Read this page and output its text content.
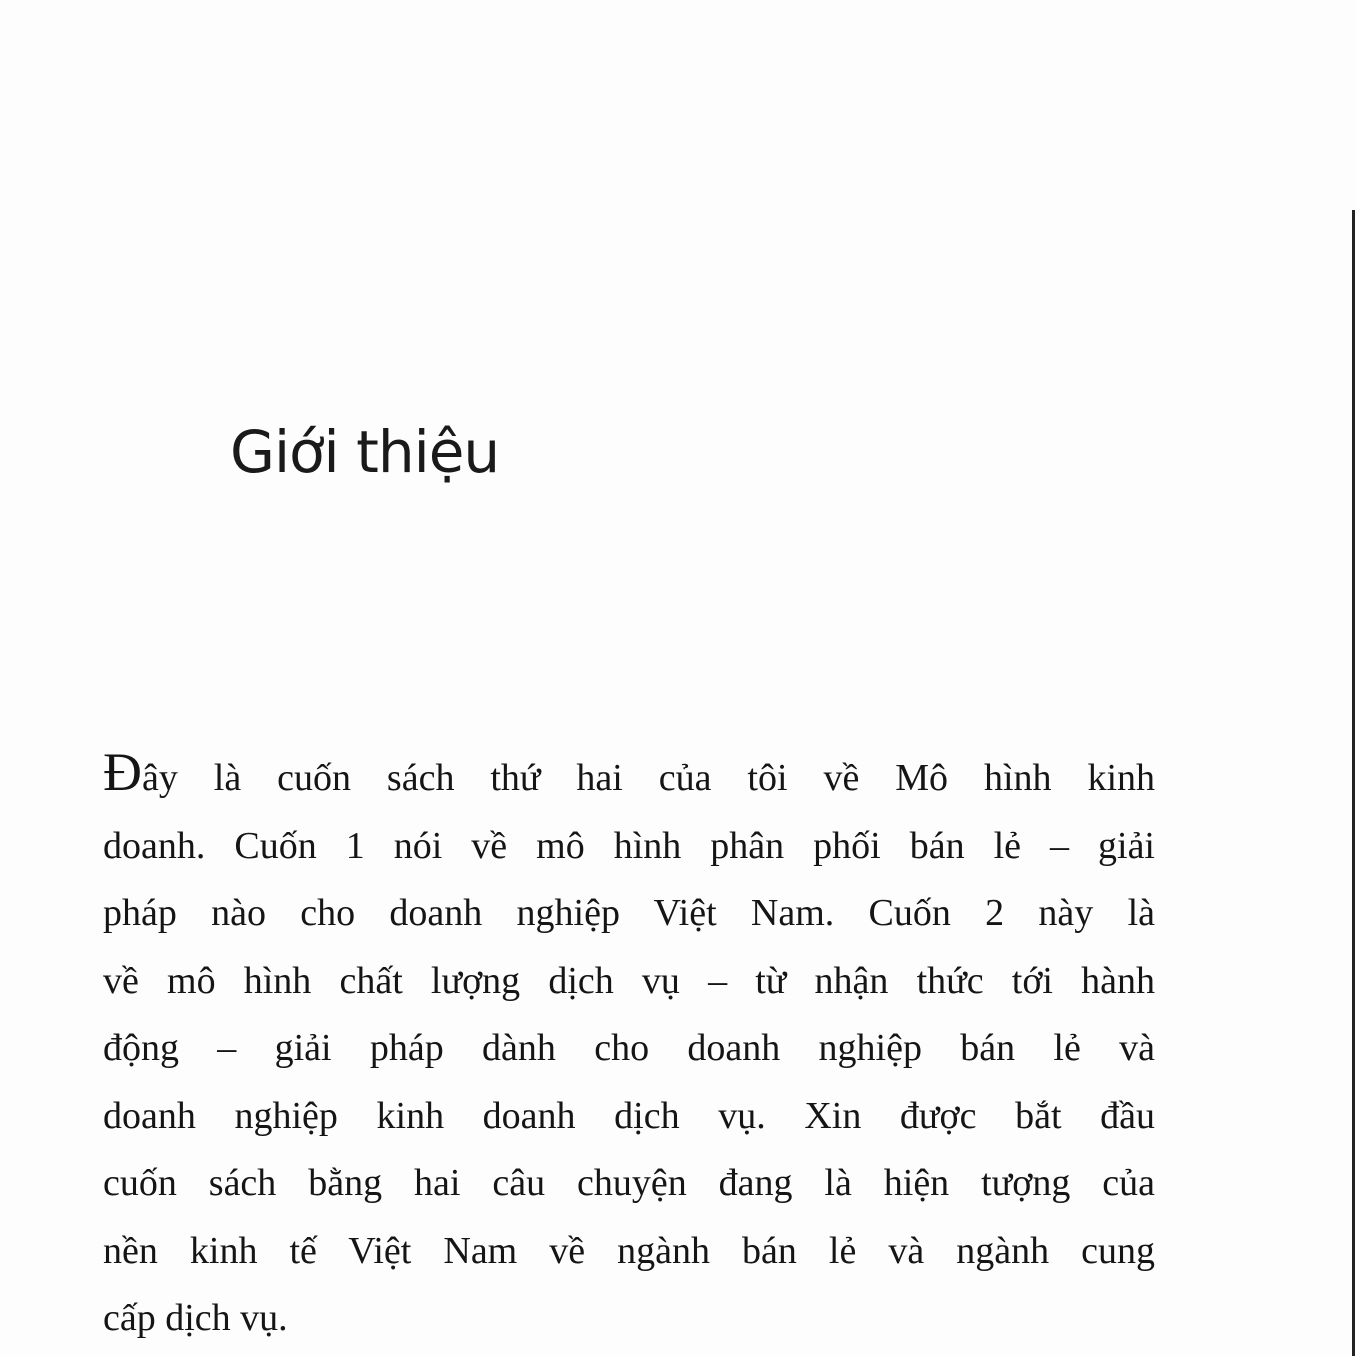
Giới thiệu
Đây là cuốn sách thứ hai của tôi về Mô hình kinh
doanh. Cuốn 1 nói về mô hình phân phối bán lẻ – giải
pháp nào cho doanh nghiệp Việt Nam. Cuốn 2 này là
về mô hình chất lượng dịch vụ – từ nhận thức tới hành
động – giải pháp dành cho doanh nghiệp bán lẻ và
doanh nghiệp kinh doanh dịch vụ. Xin được bắt đầu
cuốn sách bằng hai câu chuyện đang là hiện tượng của
nền kinh tế Việt Nam về ngành bán lẻ và ngành cung
cấp dịch vụ.
